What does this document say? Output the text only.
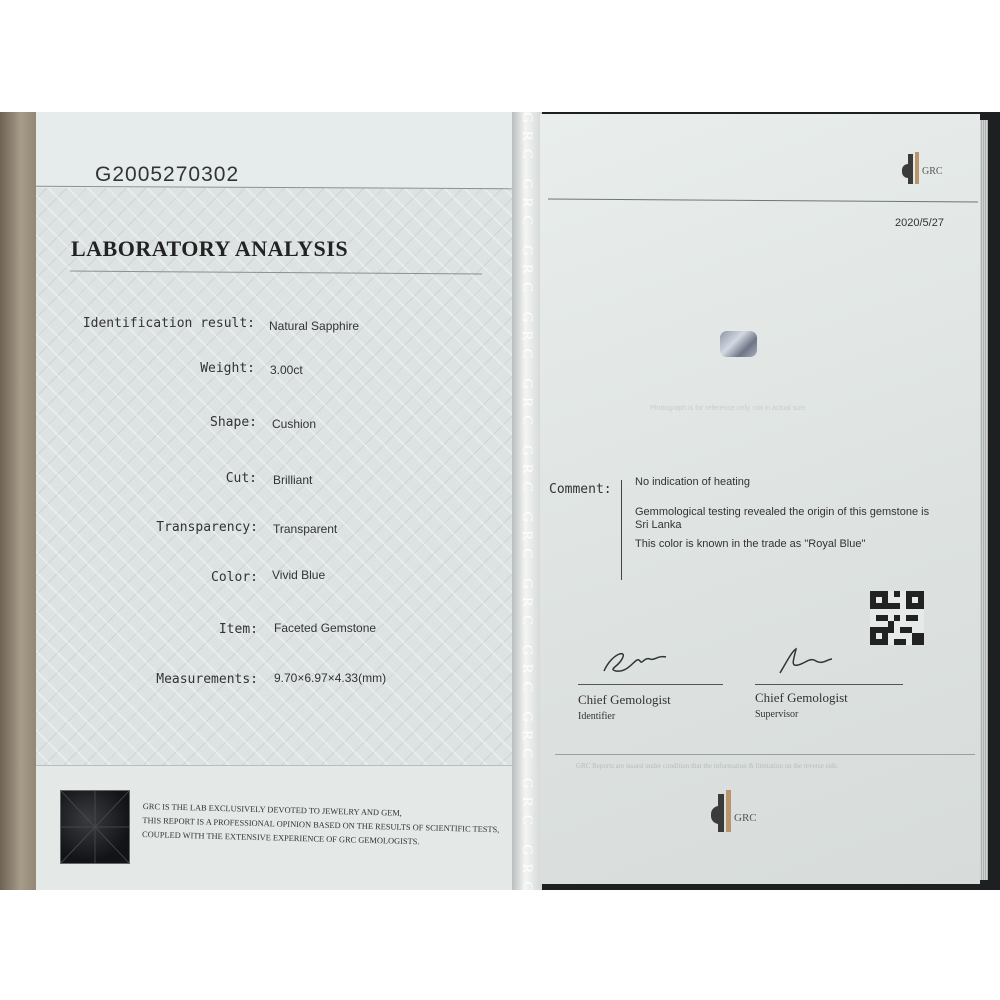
G2005270302
LABORATORY ANALYSIS
Identification result: Natural Sapphire
Weight: 3.00ct
Shape: Cushion
Cut: Brilliant
Transparency: Transparent
Color: Vivid Blue
Item: Faceted Gemstone
Measurements: 9.70×6.97×4.33(mm)
GRC IS THE LAB EXCLUSIVELY DEVOTED TO JEWELRY AND GEM,
THIS REPORT IS A PROFESSIONAL OPINION BASED ON THE RESULTS OF SCIENTIFIC TESTS,
COUPLED WITH THE EXTENSIVE EXPERIENCE OF GRC GEMOLOGISTS.	GRC GRC GRC GRC GRC GRC GRC GRC GRC GRC GRC GRC GRC	GRC
2020/5/27
Photograph is for reference only, not in actual size
Comment: No indication of heating
Gemmological testing revealed the origin of this gemstone is Sri Lanka
This color is known in the trade as "Royal Blue"
Chief Gemologist
Identifier
Chief Gemologist
Supervisor
GRC Reports are issued under condition that the information & limitation on the reverse side.
GRC
